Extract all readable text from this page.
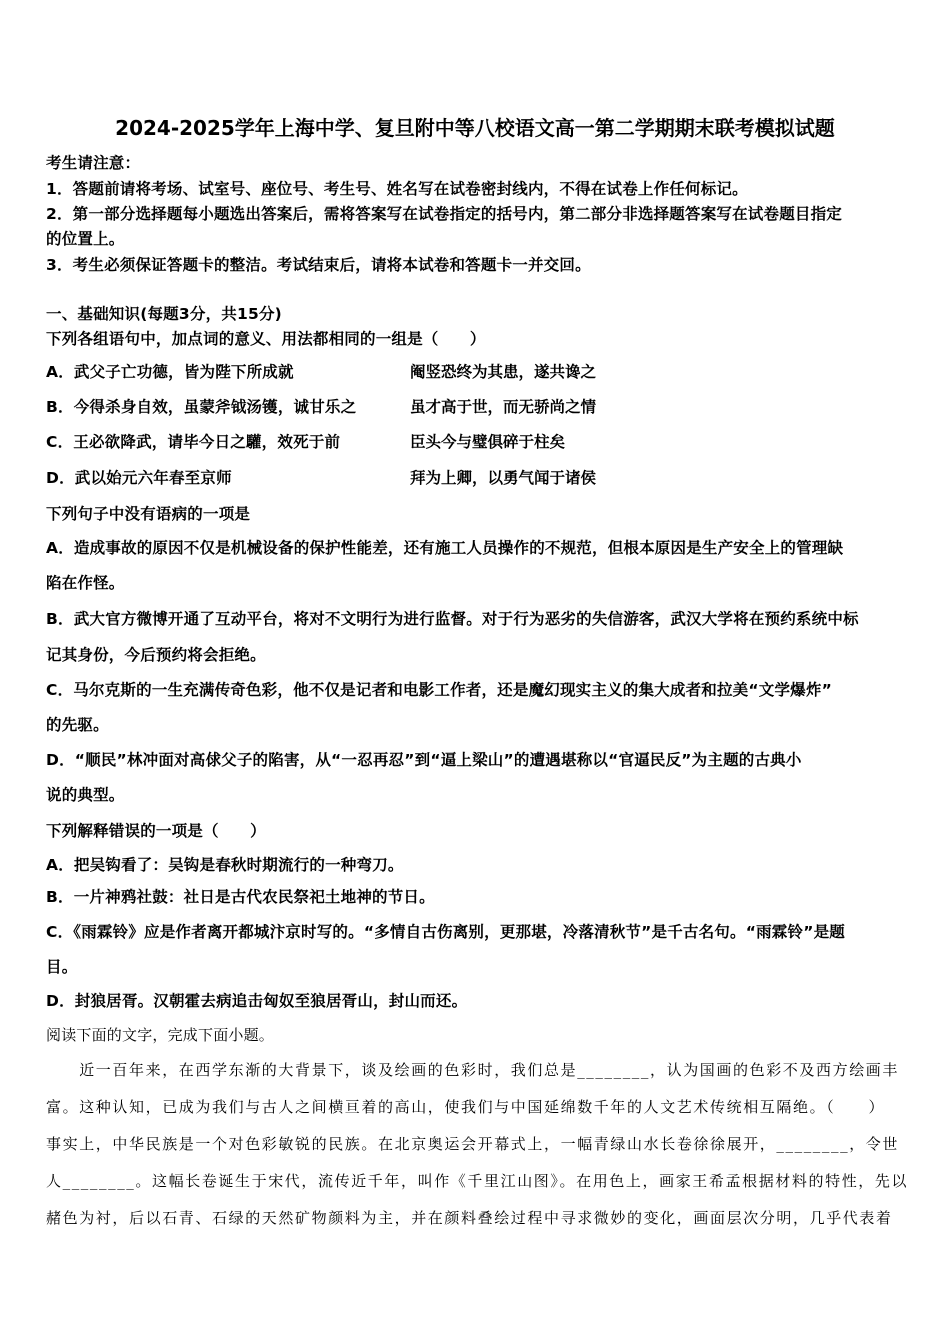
2024-2025学年上海中学、复旦附中等八校语文高一第二学期期末联考模拟试题
考生请注意：
1．答题前请将考场、试室号、座位号、考生号、姓名写在试卷密封线内，不得在试卷上作任何标记。
2．第一部分选择题每小题选出答案后，需将答案写在试卷指定的括号内，第二部分非选择题答案写在试卷题目指定
的位置上。
3．考生必须保证答题卡的整洁。考试结束后，请将本试卷和答题卡一并交回。
一、基础知识(每题3分，共15分)
下列各组语句中，加点词的意义、用法都相同的一组是（　　）
A．武父子亡功德，皆为陛下所成就	阉竖恐终为其患，遂共谗之
B．今得杀身自效，虽蒙斧钺汤镬，诚甘乐之	虽才高于世，而无骄尚之情
C．王必欲降武，请毕今日之驩，效死于前	臣头今与璧俱碎于柱矣
D．武以始元六年春至京师	拜为上卿，以勇气闻于诸侯
下列句子中没有语病的一项是
A．造成事故的原因不仅是机械设备的保护性能差，还有施工人员操作的不规范，但根本原因是生产安全上的管理缺
陷在作怪。
B．武大官方微博开通了互动平台，将对不文明行为进行监督。对于行为恶劣的失信游客，武汉大学将在预约系统中标
记其身份，今后预约将会拒绝。
C．马尔克斯的一生充满传奇色彩，他不仅是记者和电影工作者，还是魔幻现实主义的集大成者和拉美“文学爆炸”
的先驱。
D．“顺民”林冲面对高俅父子的陷害，从“一忍再忍”到“逼上梁山”的遭遇堪称以“官逼民反”为主题的古典小
说的典型。
下列解释错误的一项是（　　）
A．把吴钩看了：吴钩是春秋时期流行的一种弯刀。
B．一片神鸦社鼓：社日是古代农民祭祀土地神的节日。
C．《雨霖铃》应是作者离开都城汴京时写的。“多情自古伤离别，更那堪，冷落清秋节”是千古名句。“雨霖铃”是题
目。
D．封狼居胥。汉朝霍去病追击匈奴至狼居胥山，封山而还。
阅读下面的文字，完成下面小题。
　　近一百年来，在西学东渐的大背景下，谈及绘画的色彩时，我们总是________，认为国画的色彩不及西方绘画丰
富。这种认知，已成为我们与古人之间横亘着的高山，使我们与中国延绵数千年的人文艺术传统相互隔绝。（　　）
事实上，中华民族是一个对色彩敏锐的民族。在北京奥运会开幕式上，一幅青绿山水长卷徐徐展开，________，令世
人________。这幅长卷诞生于宋代，流传近千年，叫作《千里江山图》。在用色上，画家王希孟根据材料的特性，先以
赭色为衬，后以石青、石绿的天然矿物颜料为主，并在颜料叠绘过程中寻求微妙的变化，画面层次分明，几乎代表着
